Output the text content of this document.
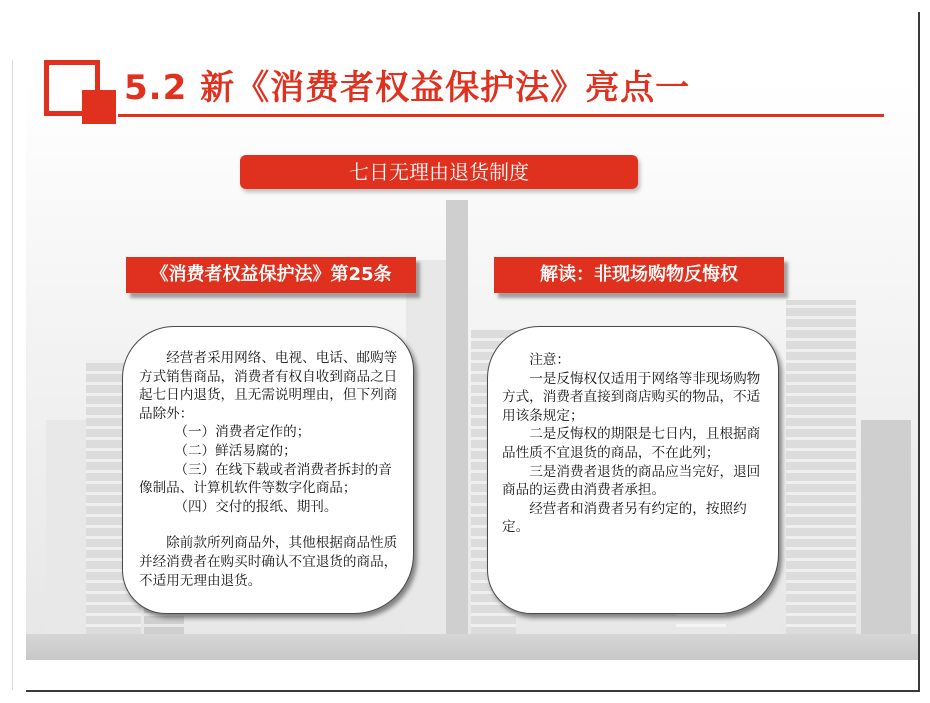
5.2 新《消费者权益保护法》亮点一
七日无理由退货制度
《消费者权益保护法》第25条	解读：非现场购物反悔权

经营者采用网络、电视、电话、邮购等方式销售商品，消费者有权自收到商品之日起七日内退货，且无需说明理由，但下列商品除外：

（一）消费者定作的；

（二）鲜活易腐的；

（三）在线下载或者消费者拆封的音像制品、计算机软件等数字化商品；

（四）交付的报纸、期刊。

除前款所列商品外，其他根据商品性质并经消费者在购买时确认不宜退货的商品，不适用无理由退货。

注意：

一是反悔权仅适用于网络等非现场购物方式，消费者直接到商店购买的物品，不适用该条规定；

二是反悔权的期限是七日内，且根据商品性质不宜退货的商品，不在此列；

三是消费者退货的商品应当完好，退回商品的运费由消费者承担。

经营者和消费者另有约定的，按照约定。
